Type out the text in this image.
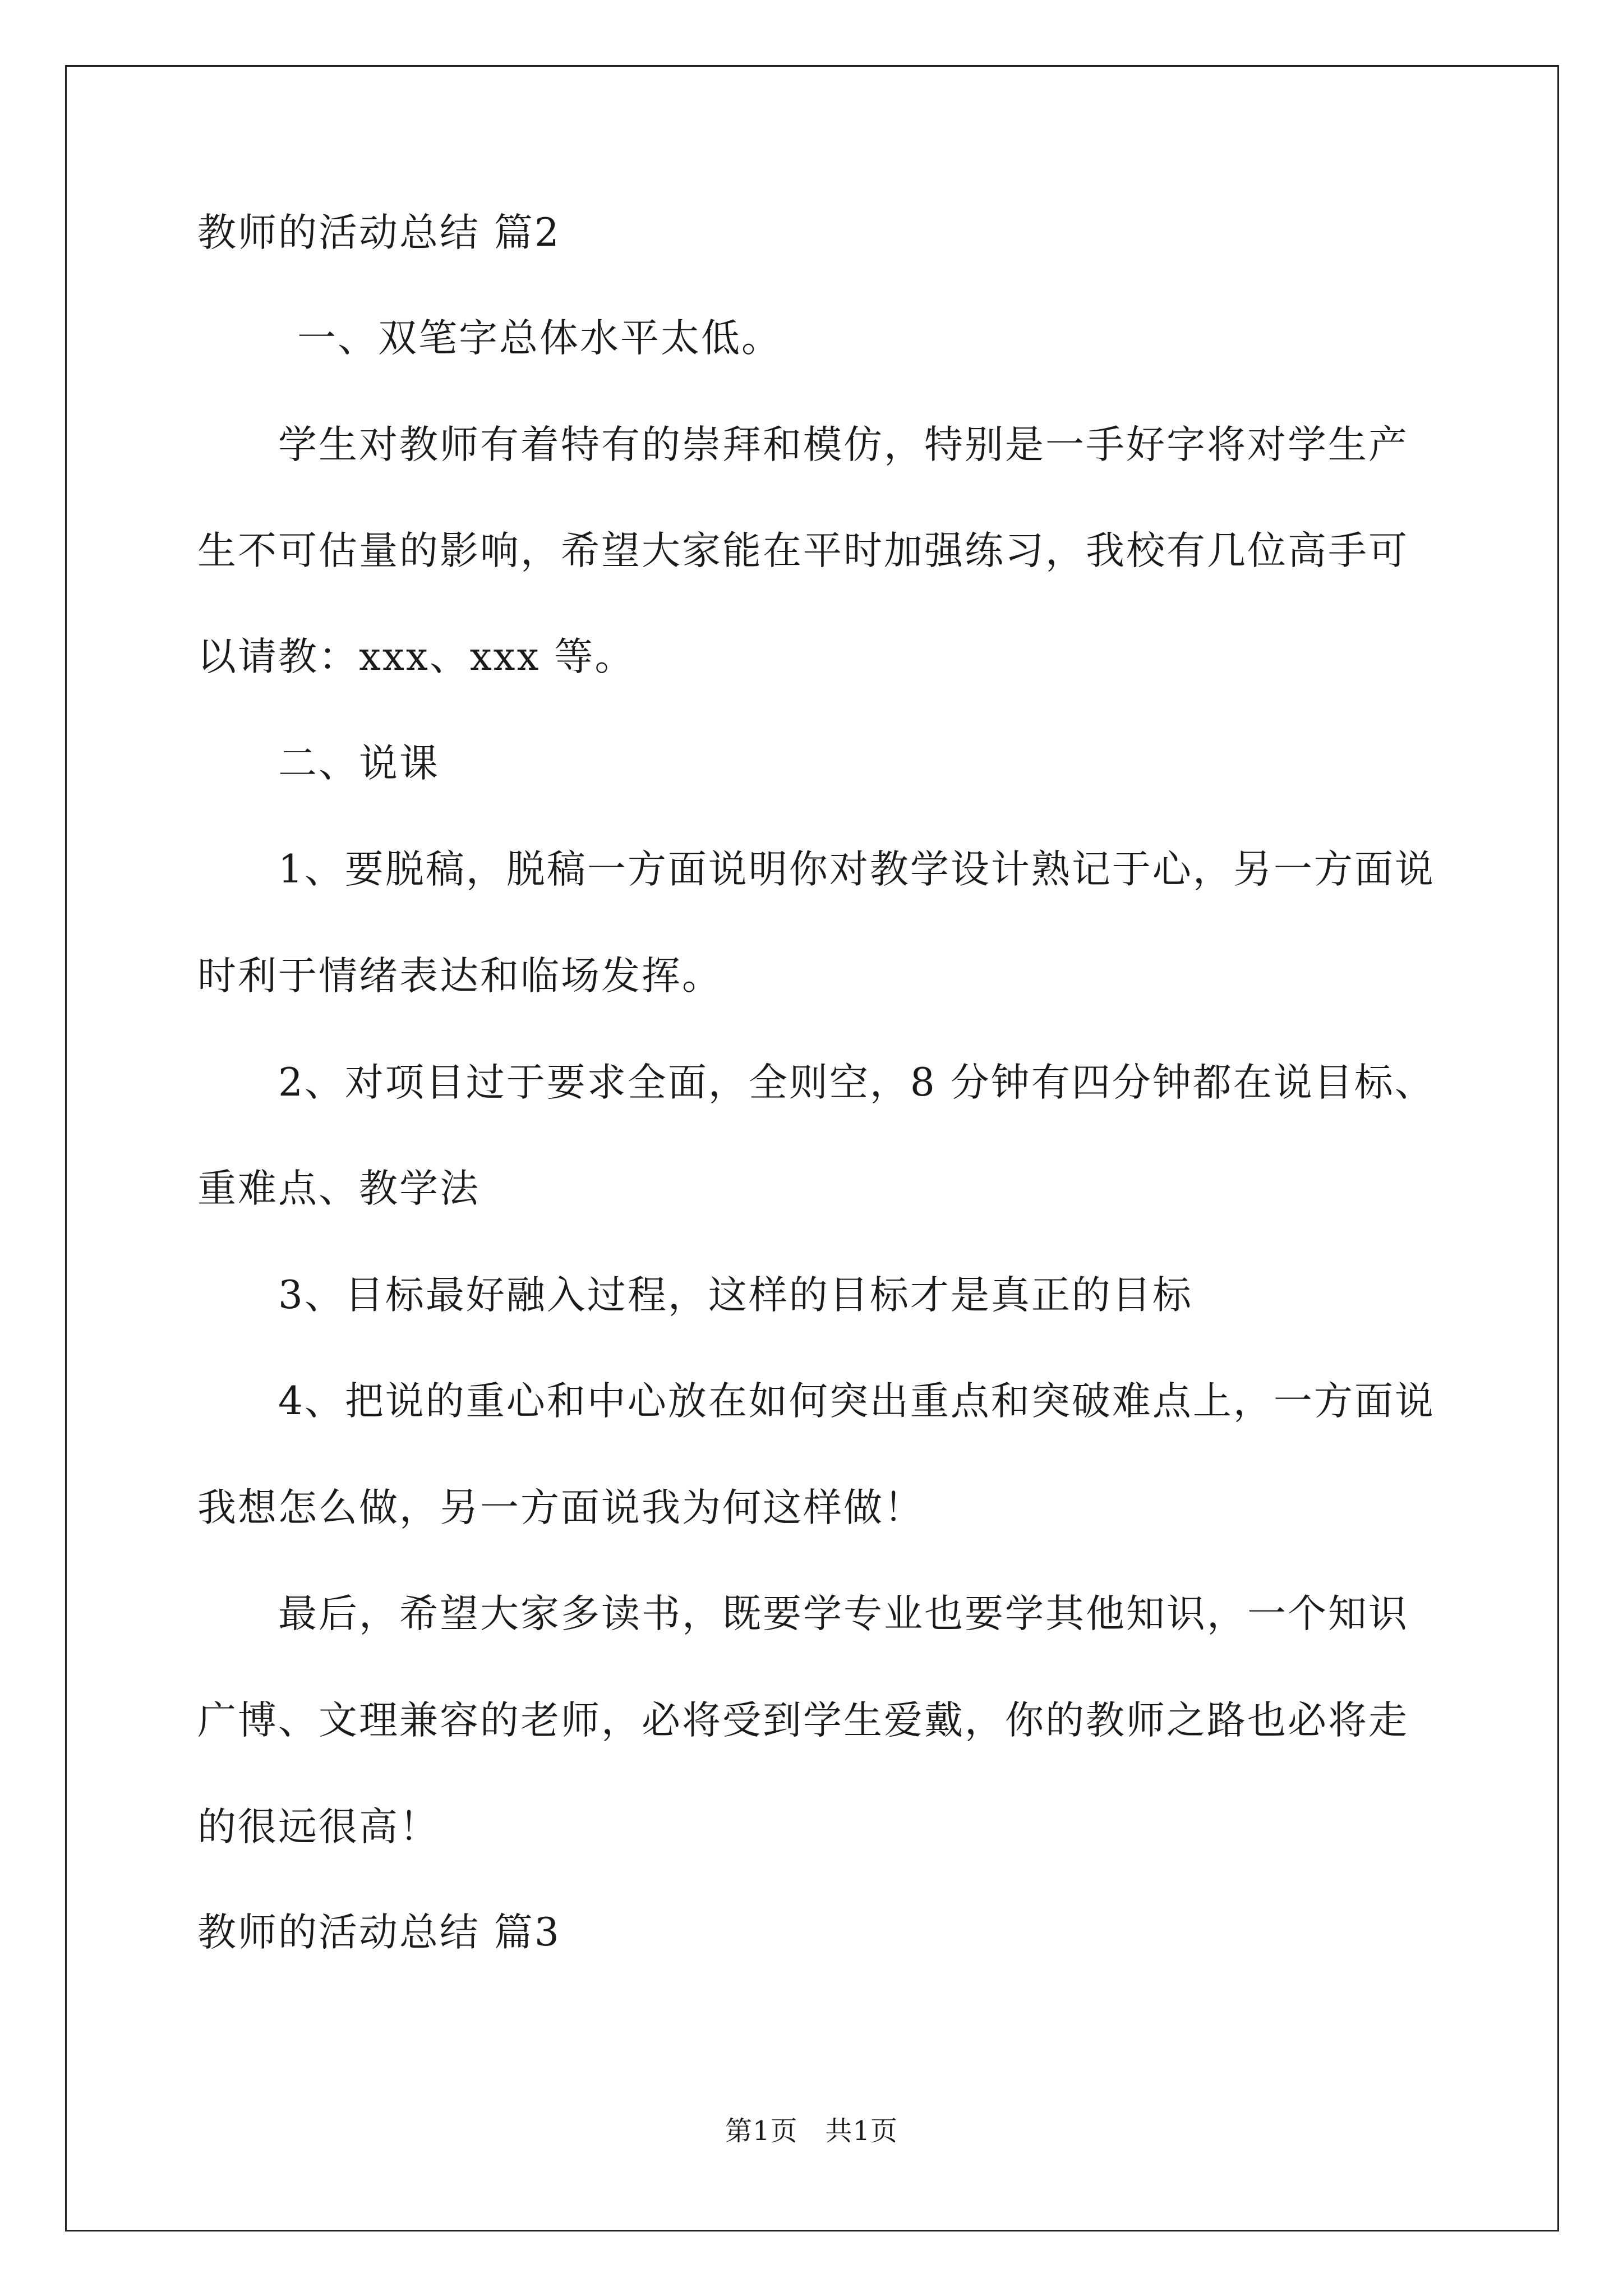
教师的活动总结 篇2

一、双笔字总体水平太低。

学生对教师有着特有的崇拜和模仿，特别是一手好字将对学生产

生不可估量的影响，希望大家能在平时加强练习，我校有几位高手可

以请教：xxx、xxx 等。

二、说课

1、要脱稿，脱稿一方面说明你对教学设计熟记于心，另一方面说

时利于情绪表达和临场发挥。

2、对项目过于要求全面，全则空，8 分钟有四分钟都在说目标、

重难点、教学法

3、目标最好融入过程，这样的目标才是真正的目标

4、把说的重心和中心放在如何突出重点和突破难点上，一方面说

我想怎么做，另一方面说我为何这样做！

最后，希望大家多读书，既要学专业也要学其他知识，一个知识

广博、文理兼容的老师，必将受到学生爱戴，你的教师之路也必将走

的很远很高！

教师的活动总结 篇3

第1页　共1页
